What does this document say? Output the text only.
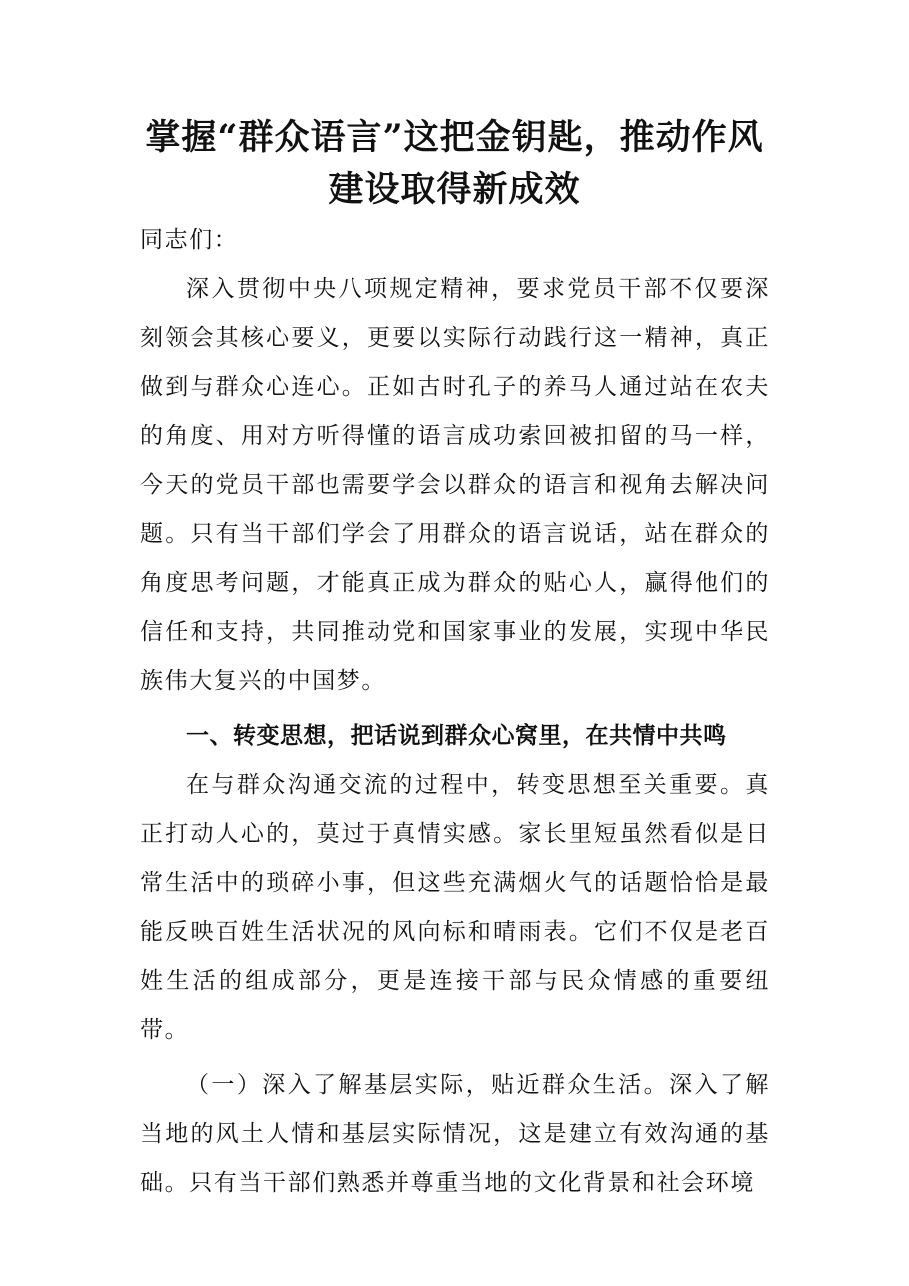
掌握“群众语言”这把金钥匙，推动作风
建设取得新成效

同志们：

深入贯彻中央八项规定精神，要求党员干部不仅要深刻领会其核心要义，更要以实际行动践行这一精神，真正做到与群众心连心。正如古时孔子的养马人通过站在农夫的角度、用对方听得懂的语言成功索回被扣留的马一样，今天的党员干部也需要学会以群众的语言和视角去解决问题。只有当干部们学会了用群众的语言说话，站在群众的角度思考问题，才能真正成为群众的贴心人，赢得他们的信任和支持，共同推动党和国家事业的发展，实现中华民族伟大复兴的中国梦。

一、转变思想，把话说到群众心窝里，在共情中共鸣

在与群众沟通交流的过程中，转变思想至关重要。真正打动人心的，莫过于真情实感。家长里短虽然看似是日常生活中的琐碎小事，但这些充满烟火气的话题恰恰是最能反映百姓生活状况的风向标和晴雨表。它们不仅是老百姓生活的组成部分，更是连接干部与民众情感的重要纽带。

（一）深入了解基层实际，贴近群众生活。深入了解当地的风土人情和基层实际情况，这是建立有效沟通的基础。只有当干部们熟悉并尊重当地的文化背景和社会环境
